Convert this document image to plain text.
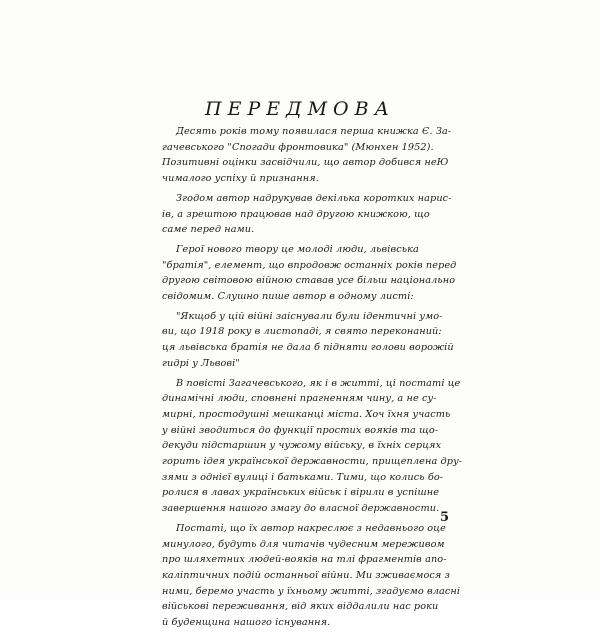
ПЕРЕДМОВА
Десять років тому появилася перша книжка Є. За-
гачевського "Спогади фронтовика" (Мюнхен 1952).
Позитивні оцінки засвідчили, що автор добився неЮ
чималого успіху й признання.
Згодом автор надрукував декілька коротких нарис-
ів, а зрештою працював над другою книжкою, що
саме перед нами.
Герої нового твору це молоді люди, львівська
"братія", елемент, що впродовж останніх років перед
другою світовою війною ставав усе більш національно
свідомим. Слушно пише автор в одному листі:
"Якщоб у цій війні заіснували були ідентичні умо-
ви, що 1918 року в листопаді, я свято переконаний:
ця львівська братія не дала б підняти голови ворожій
гидрі у Львові"
В повісті Загачевського, як і в житті, ці постаті це
динамічні люди, сповнені прагненням чину, а не су-
мирні, простодушні мешканці міста. Хоч їхня участь
у війні зводиться до функції простих вояків та що-
декуди підстаршин у чужому війську, в їхніх серцях
горить ідея української державности, прищеплена дру-
зями з однієї вулиці і батьками. Тими, що колись бо-
ролися в лавах українських військ і вірили в успішне
завершення нашого змагу до власної державности.
Постаті, що їх автор накреслює з недавнього оце
минулого, будуть для читачів чудесним мереживом
про шляхетних людей-вояків на тлі фрагментів апо-
каліптичних подій останньої війни. Ми зживаємося з
ними, беремо участь у їхньому житті, згадуємо власні
військові переживання, від яких віддалили нас роки
й буденщина нашого існування.
5
